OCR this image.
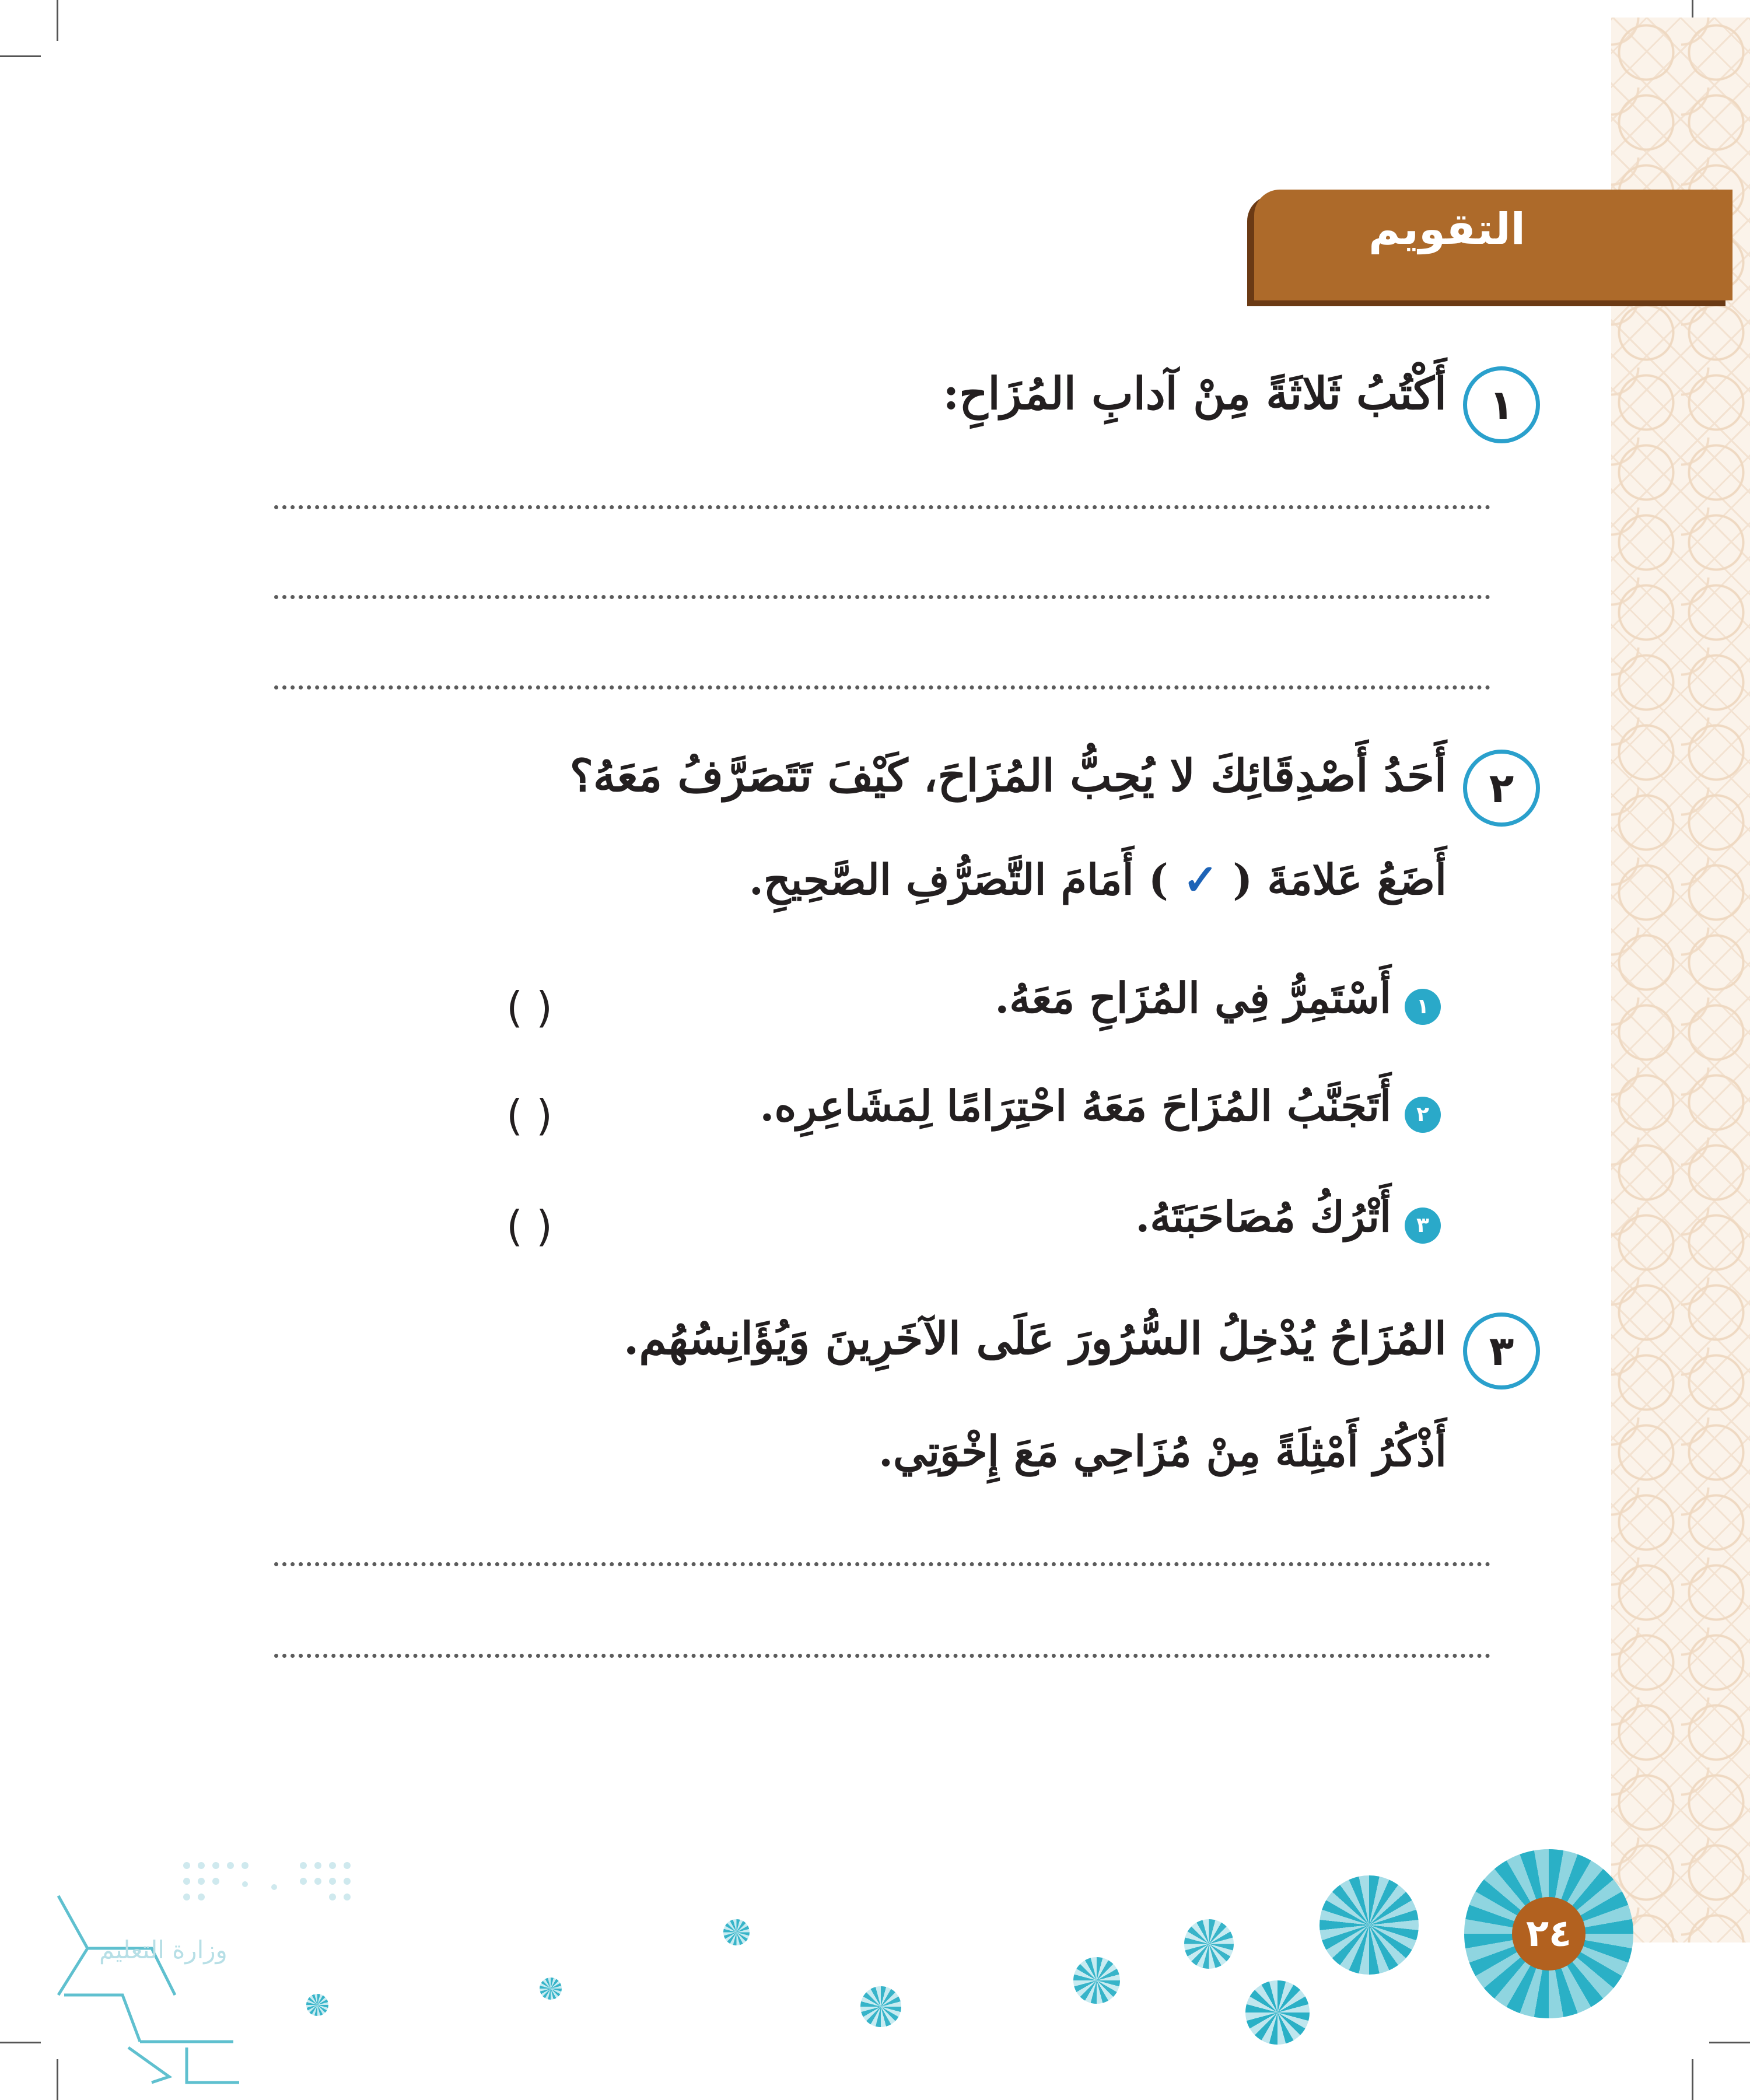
التقويم
١
أَكْتُبُ ثَلاثَةً مِنْ آدابِ المُزَاحِ:
٢
أَحَدُ أَصْدِقَائِكَ لا يُحِبُّ المُزَاحَ، كَيْفَ تَتَصَرَّفُ مَعَهُ؟
أَضَعُ عَلامَةَ ( ✓ ) أَمَامَ التَّصَرُّفِ الصَّحِيحِ.
١
أَسْتَمِرُّ فِي المُزَاحِ مَعَهُ.
( )
٢
أَتَجَنَّبُ المُزَاحَ مَعَهُ احْتِرَامًا لِمَشَاعِرِه.
( )
٣
أَتْرُكُ مُصَاحَبَتَهُ.
( )
٣
المُزَاحُ يُدْخِلُ السُّرُورَ عَلَى الآخَرِينَ وَيُؤَانِسُهُم.
أَذْكُرُ أَمْثِلَةً مِنْ مُزَاحِي مَعَ إِخْوَتِي.
٢٤
وزارة التعليم
